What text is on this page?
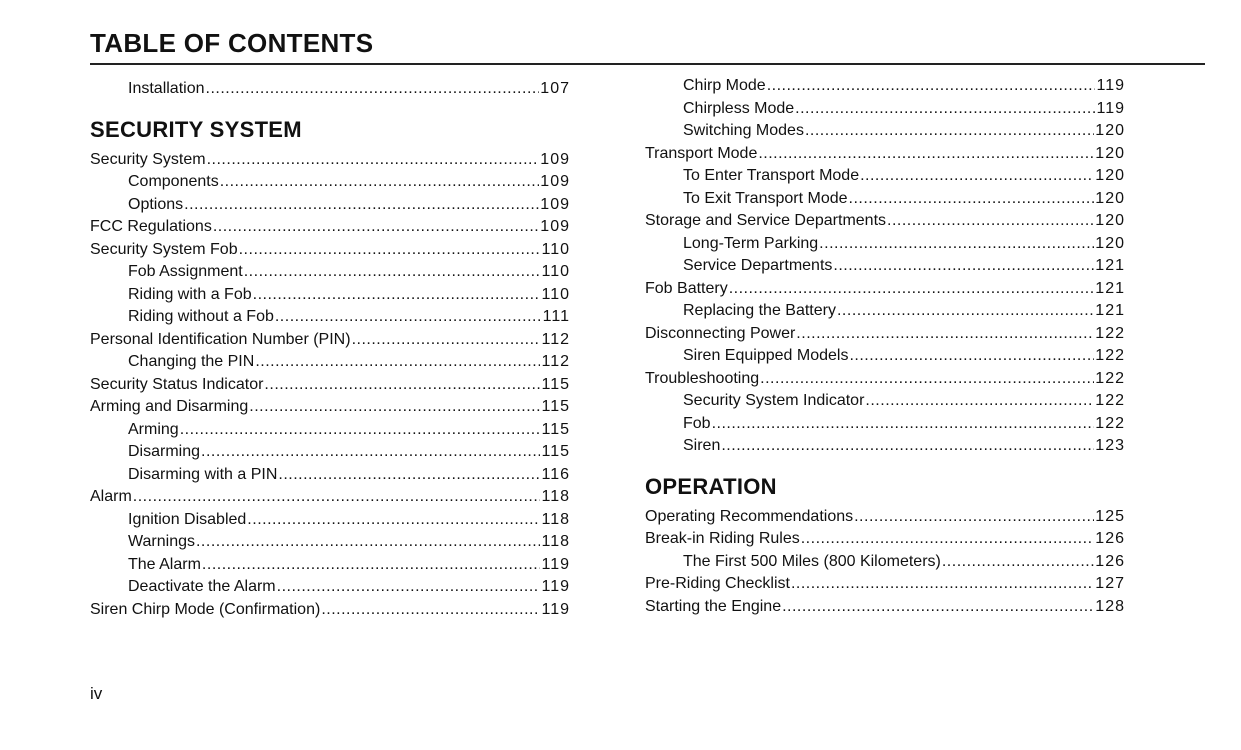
TABLE OF CONTENTS
Installation .....	107
SECURITY SYSTEM
Security System .....	109
Components .....	109
Options .....	109
FCC Regulations .....	109
Security System Fob .....	110
Fob Assignment .....	110
Riding with a Fob .....	110
Riding without a Fob .....	111
Personal Identification Number (PIN) .....	112
Changing the PIN .....	112
Security Status Indicator .....	115
Arming and Disarming .....	115
Arming .....	115
Disarming .....	115
Disarming with a PIN .....	116
Alarm .....	118
Ignition Disabled .....	118
Warnings .....	118
The Alarm .....	119
Deactivate the Alarm .....	119
Siren Chirp Mode (Confirmation) .....	119
Chirp Mode .....	119
Chirpless Mode .....	119
Switching Modes .....	120
Transport Mode .....	120
To Enter Transport Mode .....	120
To Exit Transport Mode .....	120
Storage and Service Departments .....	120
Long-Term Parking .....	120
Service Departments .....	121
Fob Battery .....	121
Replacing the Battery .....	121
Disconnecting Power .....	122
Siren Equipped Models .....	122
Troubleshooting .....	122
Security System Indicator .....	122
Fob .....	122
Siren .....	123
OPERATION
Operating Recommendations .....	125
Break-in Riding Rules .....	126
The First 500 Miles (800 Kilometers) .....	126
Pre-Riding Checklist .....	127
Starting the Engine .....	128
iv
